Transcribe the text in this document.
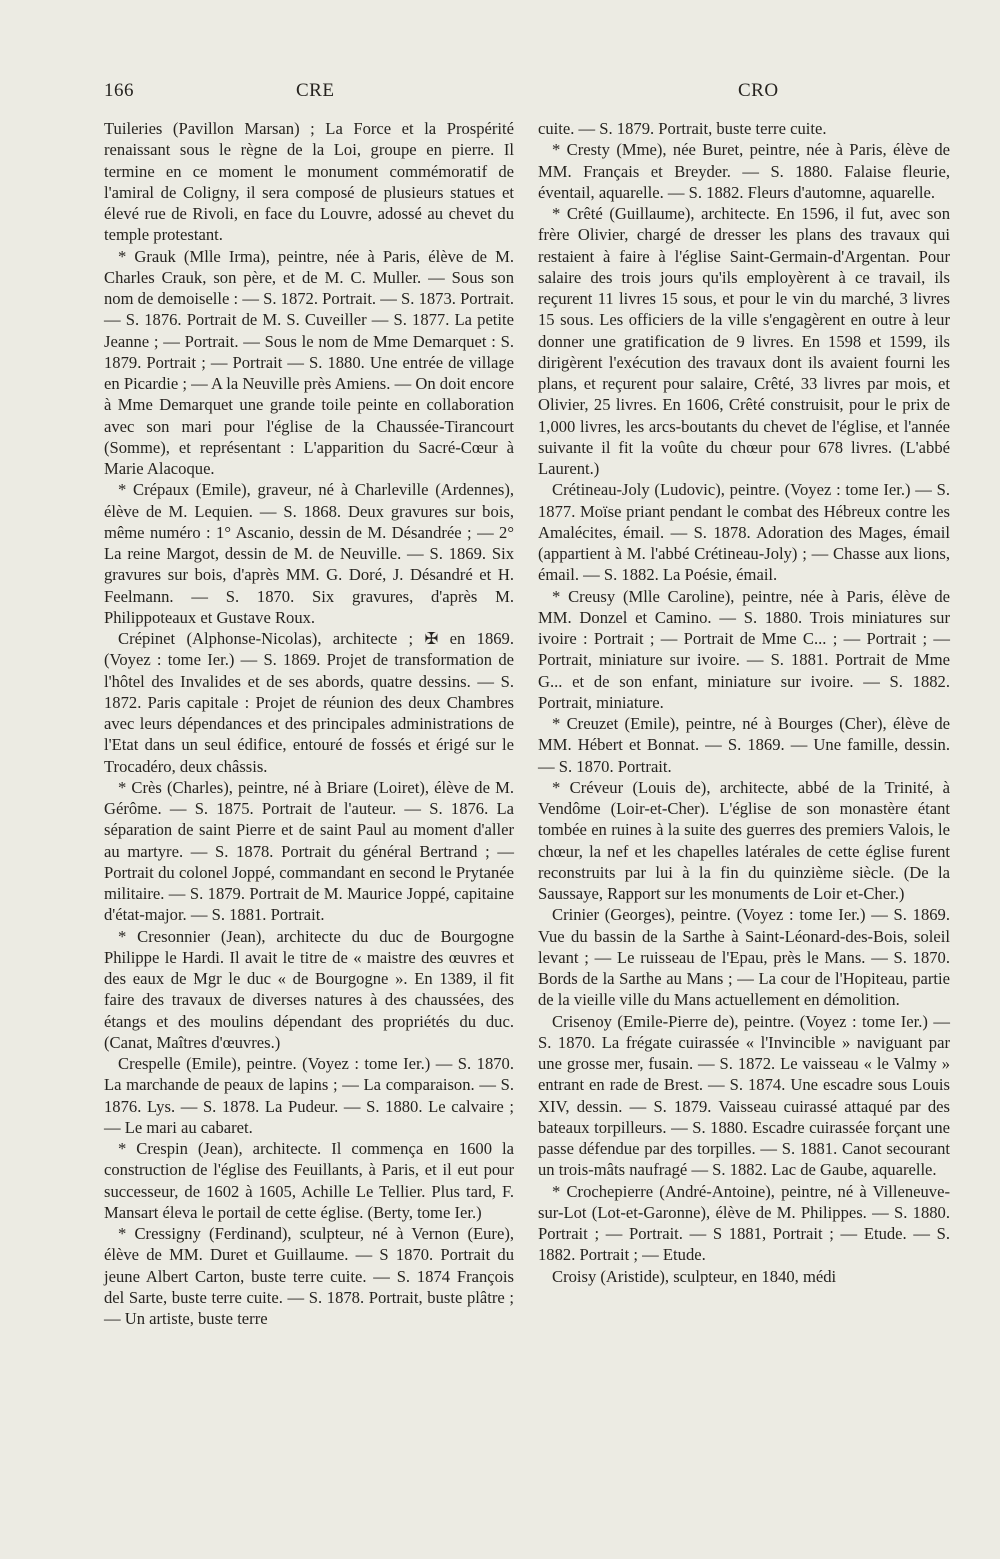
166	CRE	CRO

Tuileries (Pavillon Marsan) ; La Force et la Prospérité renaissant sous le règne de la Loi, groupe en pierre. Il termine en ce moment le monument commémoratif de l'amiral de Coligny, il sera composé de plusieurs statues et élevé rue de Rivoli, en face du Louvre, adossé au chevet du temple protestant.

* Grauk (Mlle Irma), peintre, née à Paris, élève de M. Charles Crauk, son père, et de M. C. Muller. — Sous son nom de demoiselle : — S. 1872. Portrait. — S. 1873. Portrait. — S. 1876. Portrait de M. S. Cuveiller — S. 1877. La petite Jeanne ; — Portrait. — Sous le nom de Mme Demarquet : S. 1879. Portrait ; — Portrait — S. 1880. Une entrée de village en Picardie ; — A la Neuville près Amiens. — On doit encore à Mme Demarquet une grande toile peinte en collaboration avec son mari pour l'église de la Chaussée-Tirancourt (Somme), et représentant : L'apparition du Sacré-Cœur à Marie Alacoque.

* Crépaux (Emile), graveur, né à Charleville (Ardennes), élève de M. Lequien. — S. 1868. Deux gravures sur bois, même numéro : 1° Ascanio, dessin de M. Désandrée ; — 2° La reine Margot, dessin de M. de Neuville. — S. 1869. Six gravures sur bois, d'après MM. G. Doré, J. Désandré et H. Feelmann. — S. 1870. Six gravures, d'après M. Philippoteaux et Gustave Roux.

Crépinet (Alphonse-Nicolas), architecte ; ✠ en 1869. (Voyez : tome Ier.) — S. 1869. Projet de transformation de l'hôtel des Invalides et de ses abords, quatre dessins. — S. 1872. Paris capitale : Projet de réunion des deux Chambres avec leurs dépendances et des principales administrations de l'Etat dans un seul édifice, entouré de fossés et érigé sur le Trocadéro, deux châssis.

* Crès (Charles), peintre, né à Briare (Loiret), élève de M. Gérôme. — S. 1875. Portrait de l'auteur. — S. 1876. La séparation de saint Pierre et de saint Paul au moment d'aller au martyre. — S. 1878. Portrait du général Bertrand ; — Portrait du colonel Joppé, commandant en second le Prytanée militaire. — S. 1879. Portrait de M. Maurice Joppé, capitaine d'état-major. — S. 1881. Portrait.

* Cresonnier (Jean), architecte du duc de Bourgogne Philippe le Hardi. Il avait le titre de « maistre des œuvres et des eaux de Mgr le duc « de Bourgogne ». En 1389, il fit faire des travaux de diverses natures à des chaussées, des étangs et des moulins dépendant des propriétés du duc. (Canat, Maîtres d'œuvres.)

Crespelle (Emile), peintre. (Voyez : tome Ier.) — S. 1870. La marchande de peaux de lapins ; — La comparaison. — S. 1876. Lys. — S. 1878. La Pudeur. — S. 1880. Le calvaire ; — Le mari au cabaret.

* Crespin (Jean), architecte. Il commença en 1600 la construction de l'église des Feuillants, à Paris, et il eut pour successeur, de 1602 à 1605, Achille Le Tellier. Plus tard, F. Mansart éleva le portail de cette église. (Berty, tome Ier.)

* Cressigny (Ferdinand), sculpteur, né à Vernon (Eure), élève de MM. Duret et Guillaume. — S 1870. Portrait du jeune Albert Carton, buste terre cuite. — S. 1874 François del Sarte, buste terre cuite. — S. 1878. Portrait, buste plâtre ; — Un artiste, buste terre

cuite. — S. 1879. Portrait, buste terre cuite.

* Cresty (Mme), née Buret, peintre, née à Paris, élève de MM. Français et Breyder. — S. 1880. Falaise fleurie, éventail, aquarelle. — S. 1882. Fleurs d'automne, aquarelle.

* Crêté (Guillaume), architecte. En 1596, il fut, avec son frère Olivier, chargé de dresser les plans des travaux qui restaient à faire à l'église Saint-Germain-d'Argentan. Pour salaire des trois jours qu'ils employèrent à ce travail, ils reçurent 11 livres 15 sous, et pour le vin du marché, 3 livres 15 sous. Les officiers de la ville s'engagèrent en outre à leur donner une gratification de 9 livres. En 1598 et 1599, ils dirigèrent l'exécution des travaux dont ils avaient fourni les plans, et reçurent pour salaire, Crêté, 33 livres par mois, et Olivier, 25 livres. En 1606, Crêté construisit, pour le prix de 1,000 livres, les arcs-boutants du chevet de l'église, et l'année suivante il fit la voûte du chœur pour 678 livres. (L'abbé Laurent.)

Crétineau-Joly (Ludovic), peintre. (Voyez : tome Ier.) — S. 1877. Moïse priant pendant le combat des Hébreux contre les Amalécites, émail. — S. 1878. Adoration des Mages, émail (appartient à M. l'abbé Crétineau-Joly) ; — Chasse aux lions, émail. — S. 1882. La Poésie, émail.

* Creusy (Mlle Caroline), peintre, née à Paris, élève de MM. Donzel et Camino. — S. 1880. Trois miniatures sur ivoire : Portrait ; — Portrait de Mme C... ; — Portrait ; — Portrait, miniature sur ivoire. — S. 1881. Portrait de Mme G... et de son enfant, miniature sur ivoire. — S. 1882. Portrait, miniature.

* Creuzet (Emile), peintre, né à Bourges (Cher), élève de MM. Hébert et Bonnat. — S. 1869. — Une famille, dessin. — S. 1870. Portrait.

* Créveur (Louis de), architecte, abbé de la Trinité, à Vendôme (Loir-et-Cher). L'église de son monastère étant tombée en ruines à la suite des guerres des premiers Valois, le chœur, la nef et les chapelles latérales de cette église furent reconstruits par lui à la fin du quinzième siècle. (De la Saussaye, Rapport sur les monuments de Loir et-Cher.)

Crinier (Georges), peintre. (Voyez : tome Ier.) — S. 1869. Vue du bassin de la Sarthe à Saint-Léonard-des-Bois, soleil levant ; — Le ruisseau de l'Epau, près le Mans. — S. 1870. Bords de la Sarthe au Mans ; — La cour de l'Hopiteau, partie de la vieille ville du Mans actuellement en démolition.

Crisenoy (Emile-Pierre de), peintre. (Voyez : tome Ier.) — S. 1870. La frégate cuirassée « l'Invincible » naviguant par une grosse mer, fusain. — S. 1872. Le vaisseau « le Valmy » entrant en rade de Brest. — S. 1874. Une escadre sous Louis XIV, dessin. — S. 1879. Vaisseau cuirassé attaqué par des bateaux torpilleurs. — S. 1880. Escadre cuirassée forçant une passe défendue par des torpilles. — S. 1881. Canot secourant un trois-mâts naufragé — S. 1882. Lac de Gaube, aquarelle.

* Crochepierre (André-Antoine), peintre, né à Villeneuve-sur-Lot (Lot-et-Garonne), élève de M. Philippes. — S. 1880. Portrait ; — Portrait. — S 1881, Portrait ; — Etude. — S. 1882. Portrait ; — Etude.

Croisy (Aristide), sculpteur, en 1840, médi
